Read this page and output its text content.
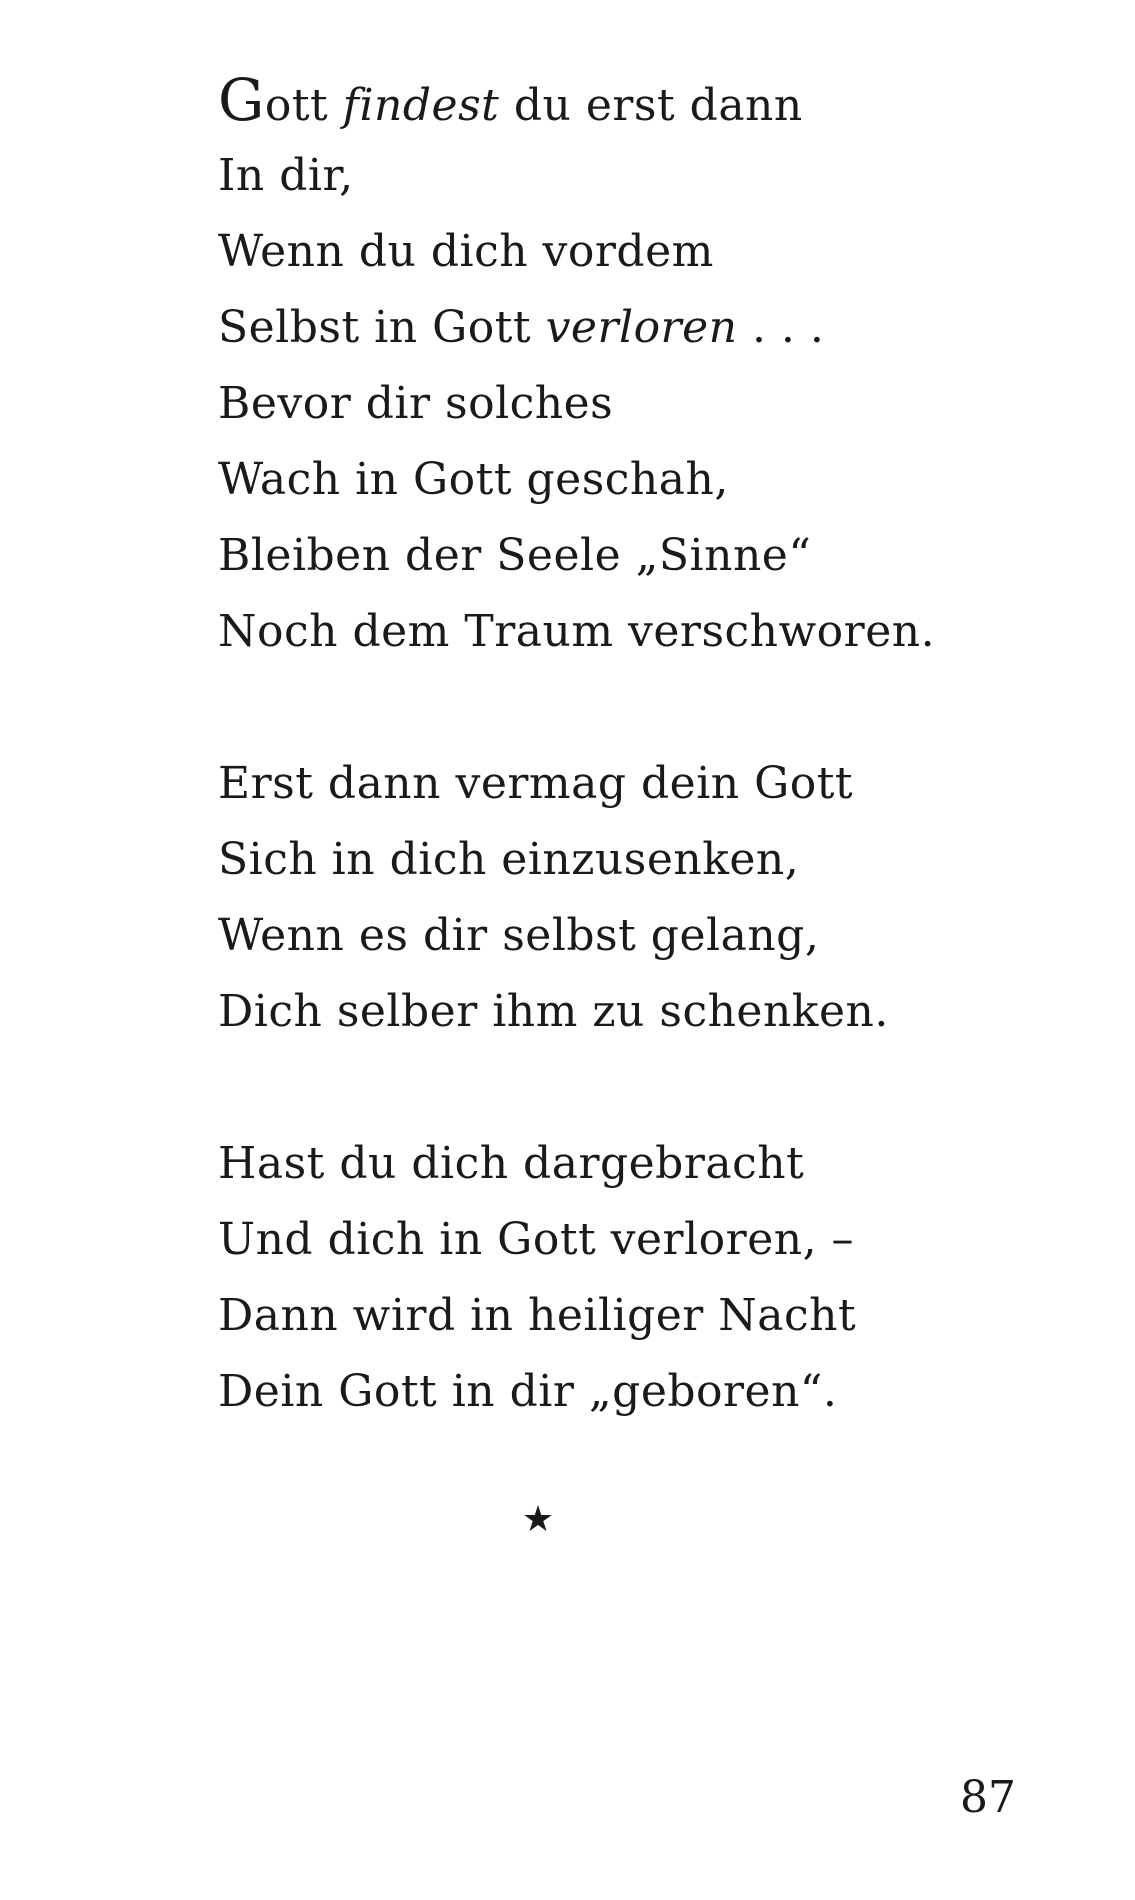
Gott findest du erst dann
In dir,
Wenn du dich vordem
Selbst in Gott verloren . . .
Bevor dir solches
Wach in Gott geschah,
Bleiben der Seele „Sinne“
Noch dem Traum verschworen.
Erst dann vermag dein Gott
Sich in dich einzusenken,
Wenn es dir selbst gelang,
Dich selber ihm zu schenken.
Hast du dich dargebracht
Und dich in Gott verloren, –
Dann wird in heiliger Nacht
Dein Gott in dir „geboren“.
★
87
